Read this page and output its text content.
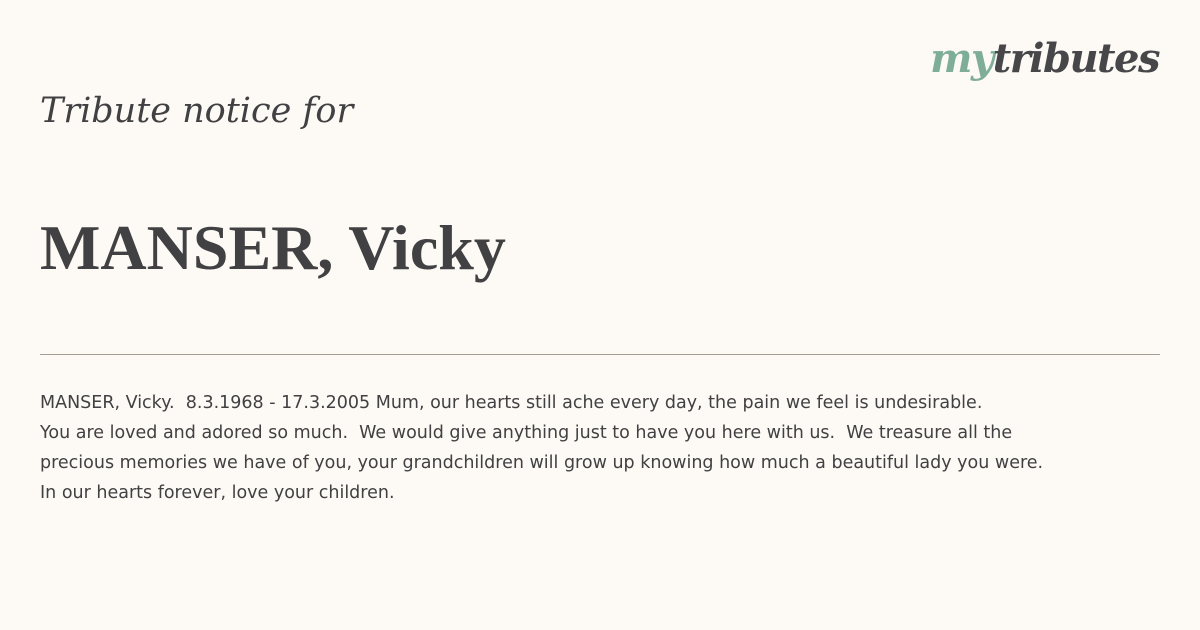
mytributes
Tribute notice for
MANSER, Vicky
MANSER, Vicky.  8.3.1968 - 17.3.2005 Mum, our hearts still ache every day, the pain we feel is undesirable.
You are loved and adored so much.  We would give anything just to have you here with us.  We treasure all the
precious memories we have of you, your grandchildren will grow up knowing how much a beautiful lady you were.
In our hearts forever, love your children.
